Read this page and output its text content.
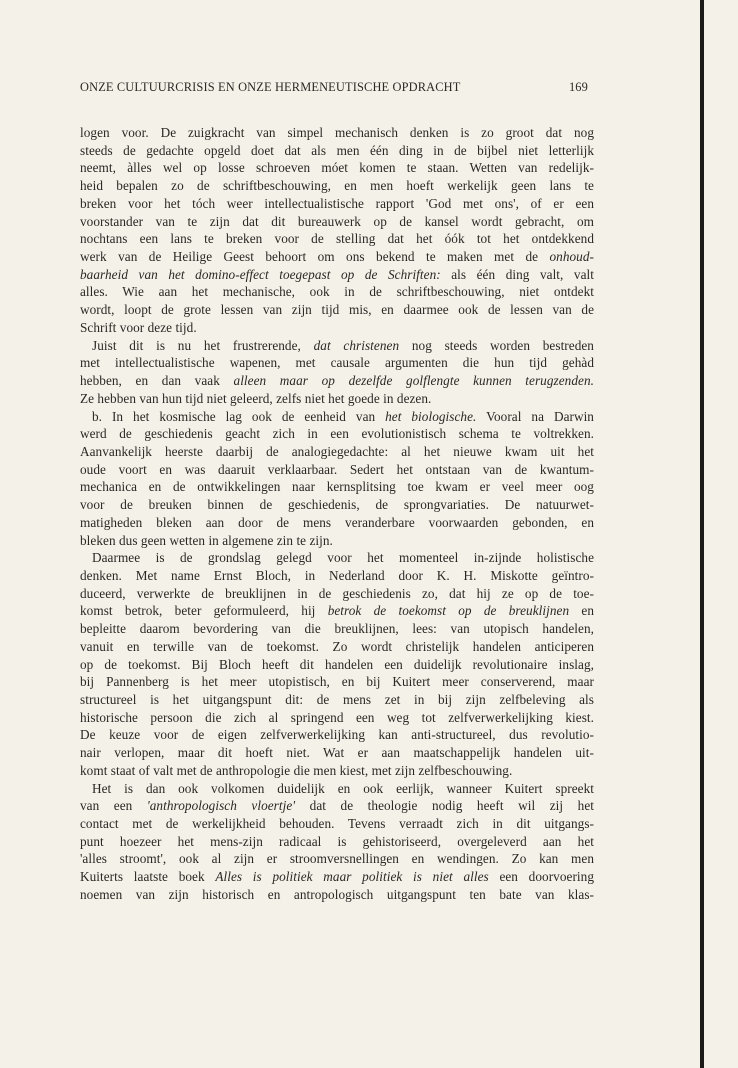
ONZE CULTUURCRISIS EN ONZE HERMENEUTISCHE OPDRACHT	169
logen voor. De zuigkracht van simpel mechanisch denken is zo groot dat nog
steeds de gedachte opgeld doet dat als men één ding in de bijbel niet letterlijk
neemt, àlles wel op losse schroeven móet komen te staan. Wetten van redelijk-
heid bepalen zo de schriftbeschouwing, en men hoeft werkelijk geen lans te
breken voor het tóch weer intellectualistische rapport 'God met ons', of er een
voorstander van te zijn dat dit bureauwerk op de kansel wordt gebracht, om
nochtans een lans te breken voor de stelling dat het óók tot het ontdekkend
werk van de Heilige Geest behoort om ons bekend te maken met de onhoud-
baarheid van het domino-effect toegepast op de Schriften: als één ding valt, valt
alles. Wie aan het mechanische, ook in de schriftbeschouwing, niet ontdekt
wordt, loopt de grote lessen van zijn tijd mis, en daarmee ook de lessen van de
Schrift voor deze tijd.
Juist dit is nu het frustrerende, dat christenen nog steeds worden bestreden
met intellectualistische wapenen, met causale argumenten die hun tijd gehàd
hebben, en dan vaak alleen maar op dezelfde golflengte kunnen terugzenden.
Ze hebben van hun tijd niet geleerd, zelfs niet het goede in dezen.
b. In het kosmische lag ook de eenheid van het biologische. Vooral na Darwin
werd de geschiedenis geacht zich in een evolutionistisch schema te voltrekken.
Aanvankelijk heerste daarbij de analogiegedachte: al het nieuwe kwam uit het
oude voort en was daaruit verklaarbaar. Sedert het ontstaan van de kwantum-
mechanica en de ontwikkelingen naar kernsplitsing toe kwam er veel meer oog
voor de breuken binnen de geschiedenis, de sprongvariaties. De natuurwet-
matigheden bleken aan door de mens veranderbare voorwaarden gebonden, en
bleken dus geen wetten in algemene zin te zijn.
Daarmee is de grondslag gelegd voor het momenteel in-zijnde holistische
denken. Met name Ernst Bloch, in Nederland door K. H. Miskotte geïntro-
duceerd, verwerkte de breuklijnen in de geschiedenis zo, dat hij ze op de toe-
komst betrok, beter geformuleerd, hij betrok de toekomst op de breuklijnen en
bepleitte daarom bevordering van die breuklijnen, lees: van utopisch handelen,
vanuit en terwille van de toekomst. Zo wordt christelijk handelen anticiperen
op de toekomst. Bij Bloch heeft dit handelen een duidelijk revolutionaire inslag,
bij Pannenberg is het meer utopistisch, en bij Kuitert meer conserverend, maar
structureel is het uitgangspunt dit: de mens zet in bij zijn zelfbeleving als
historische persoon die zich al springend een weg tot zelfverwerkelijking kiest.
De keuze voor de eigen zelfverwerkelijking kan anti-structureel, dus revolutio-
nair verlopen, maar dit hoeft niet. Wat er aan maatschappelijk handelen uit-
komt staat of valt met de anthropologie die men kiest, met zijn zelfbeschouwing.
Het is dan ook volkomen duidelijk en ook eerlijk, wanneer Kuitert spreekt
van een 'anthropologisch vloertje' dat de theologie nodig heeft wil zij het
contact met de werkelijkheid behouden. Tevens verraadt zich in dit uitgangs-
punt hoezeer het mens-zijn radicaal is gehistoriseerd, overgeleverd aan het
'alles stroomt', ook al zijn er stroomversnellingen en wendingen. Zo kan men
Kuiterts laatste boek Alles is politiek maar politiek is niet alles een doorvoering
noemen van zijn historisch en antropologisch uitgangspunt ten bate van klas-
